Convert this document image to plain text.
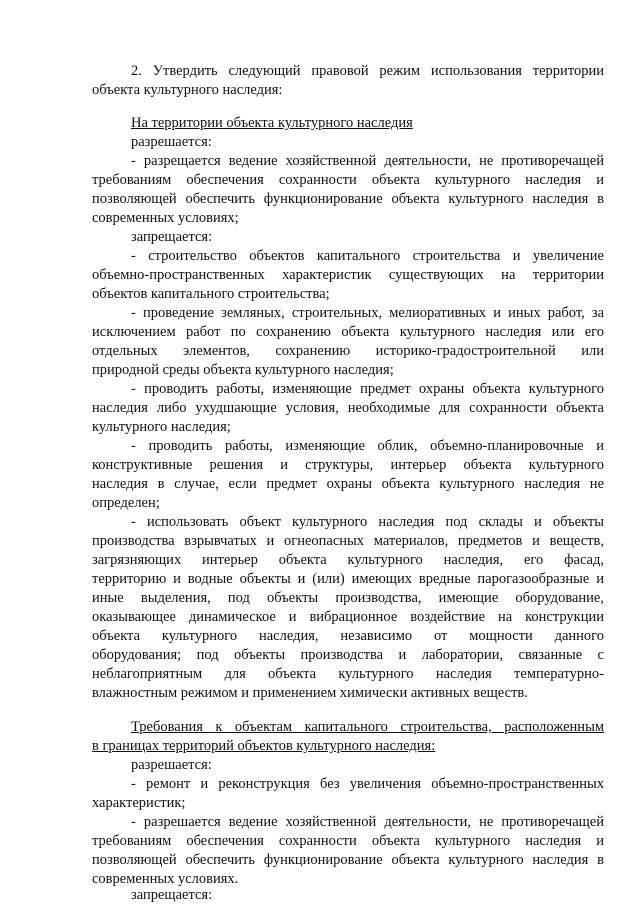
2. Утвердить следующий правовой режим использования территории

объекта культурного наследия:

На территории объекта культурного наследия

разрешается:

- разрещается ведение хозяйственной деятельности, не противоречащей

требованиям обеспечения сохранности объекта культурного наследия и

позволяющей обеспечить функционирование объекта культурного наследия в

современных условиях;

запрещается:

- строительство объектов капитального строительства и увеличение

объемно-пространственных характеристик существующих на территории

объектов капитального строительства;

- проведение земляных, строительных, мелиоративных и иных работ, за

исключением работ по сохранению объекта культурного наследия или его

отдельных элементов, сохранению историко-градостроительной или

природной среды объекта культурного наследия;

- проводить работы, изменяющие предмет охраны объекта культурного

наследия либо ухудшающие условия, необходимые для сохранности объекта

культурного наследия;

- проводить работы, изменяющие облик, объемно-планировочные и

конструктивные решения и структуры, интерьер объекта культурного

наследия в случае, если предмет охраны объекта культурного наследия не

определен;

- использовать объект культурного наследия под склады и объекты

производства взрывчатых и огнеопасных материалов, предметов и веществ,

загрязняющих интерьер объекта культурного наследия, его фасад,

территорию и водные объекты и (или) имеющих вредные парогазообразные и

иные выделения, под объекты производства, имеющие оборудование,

оказывающее динамическое и вибрационное воздействие на конструкции

объекта культурного наследия, независимо от мощности данного

оборудования; под объекты производства и лаборатории, связанные с

неблагоприятным для объекта культурного наследия температурно-

влажностным режимом и применением химически активных веществ.

Требования к объектам капитального строительства, расположенным

в границах территорий объектов культурного наследия:

разрешается:

- ремонт и реконструкция без увеличения объемно-пространственных

характеристик;

- разрешается ведение хозяйственной деятельности, не противоречащей

требованиям обеспечения сохранности объекта культурного наследия и

позволяющей обеспечить функционирование объекта культурного наследия в

современных условиях.

запрещается:
